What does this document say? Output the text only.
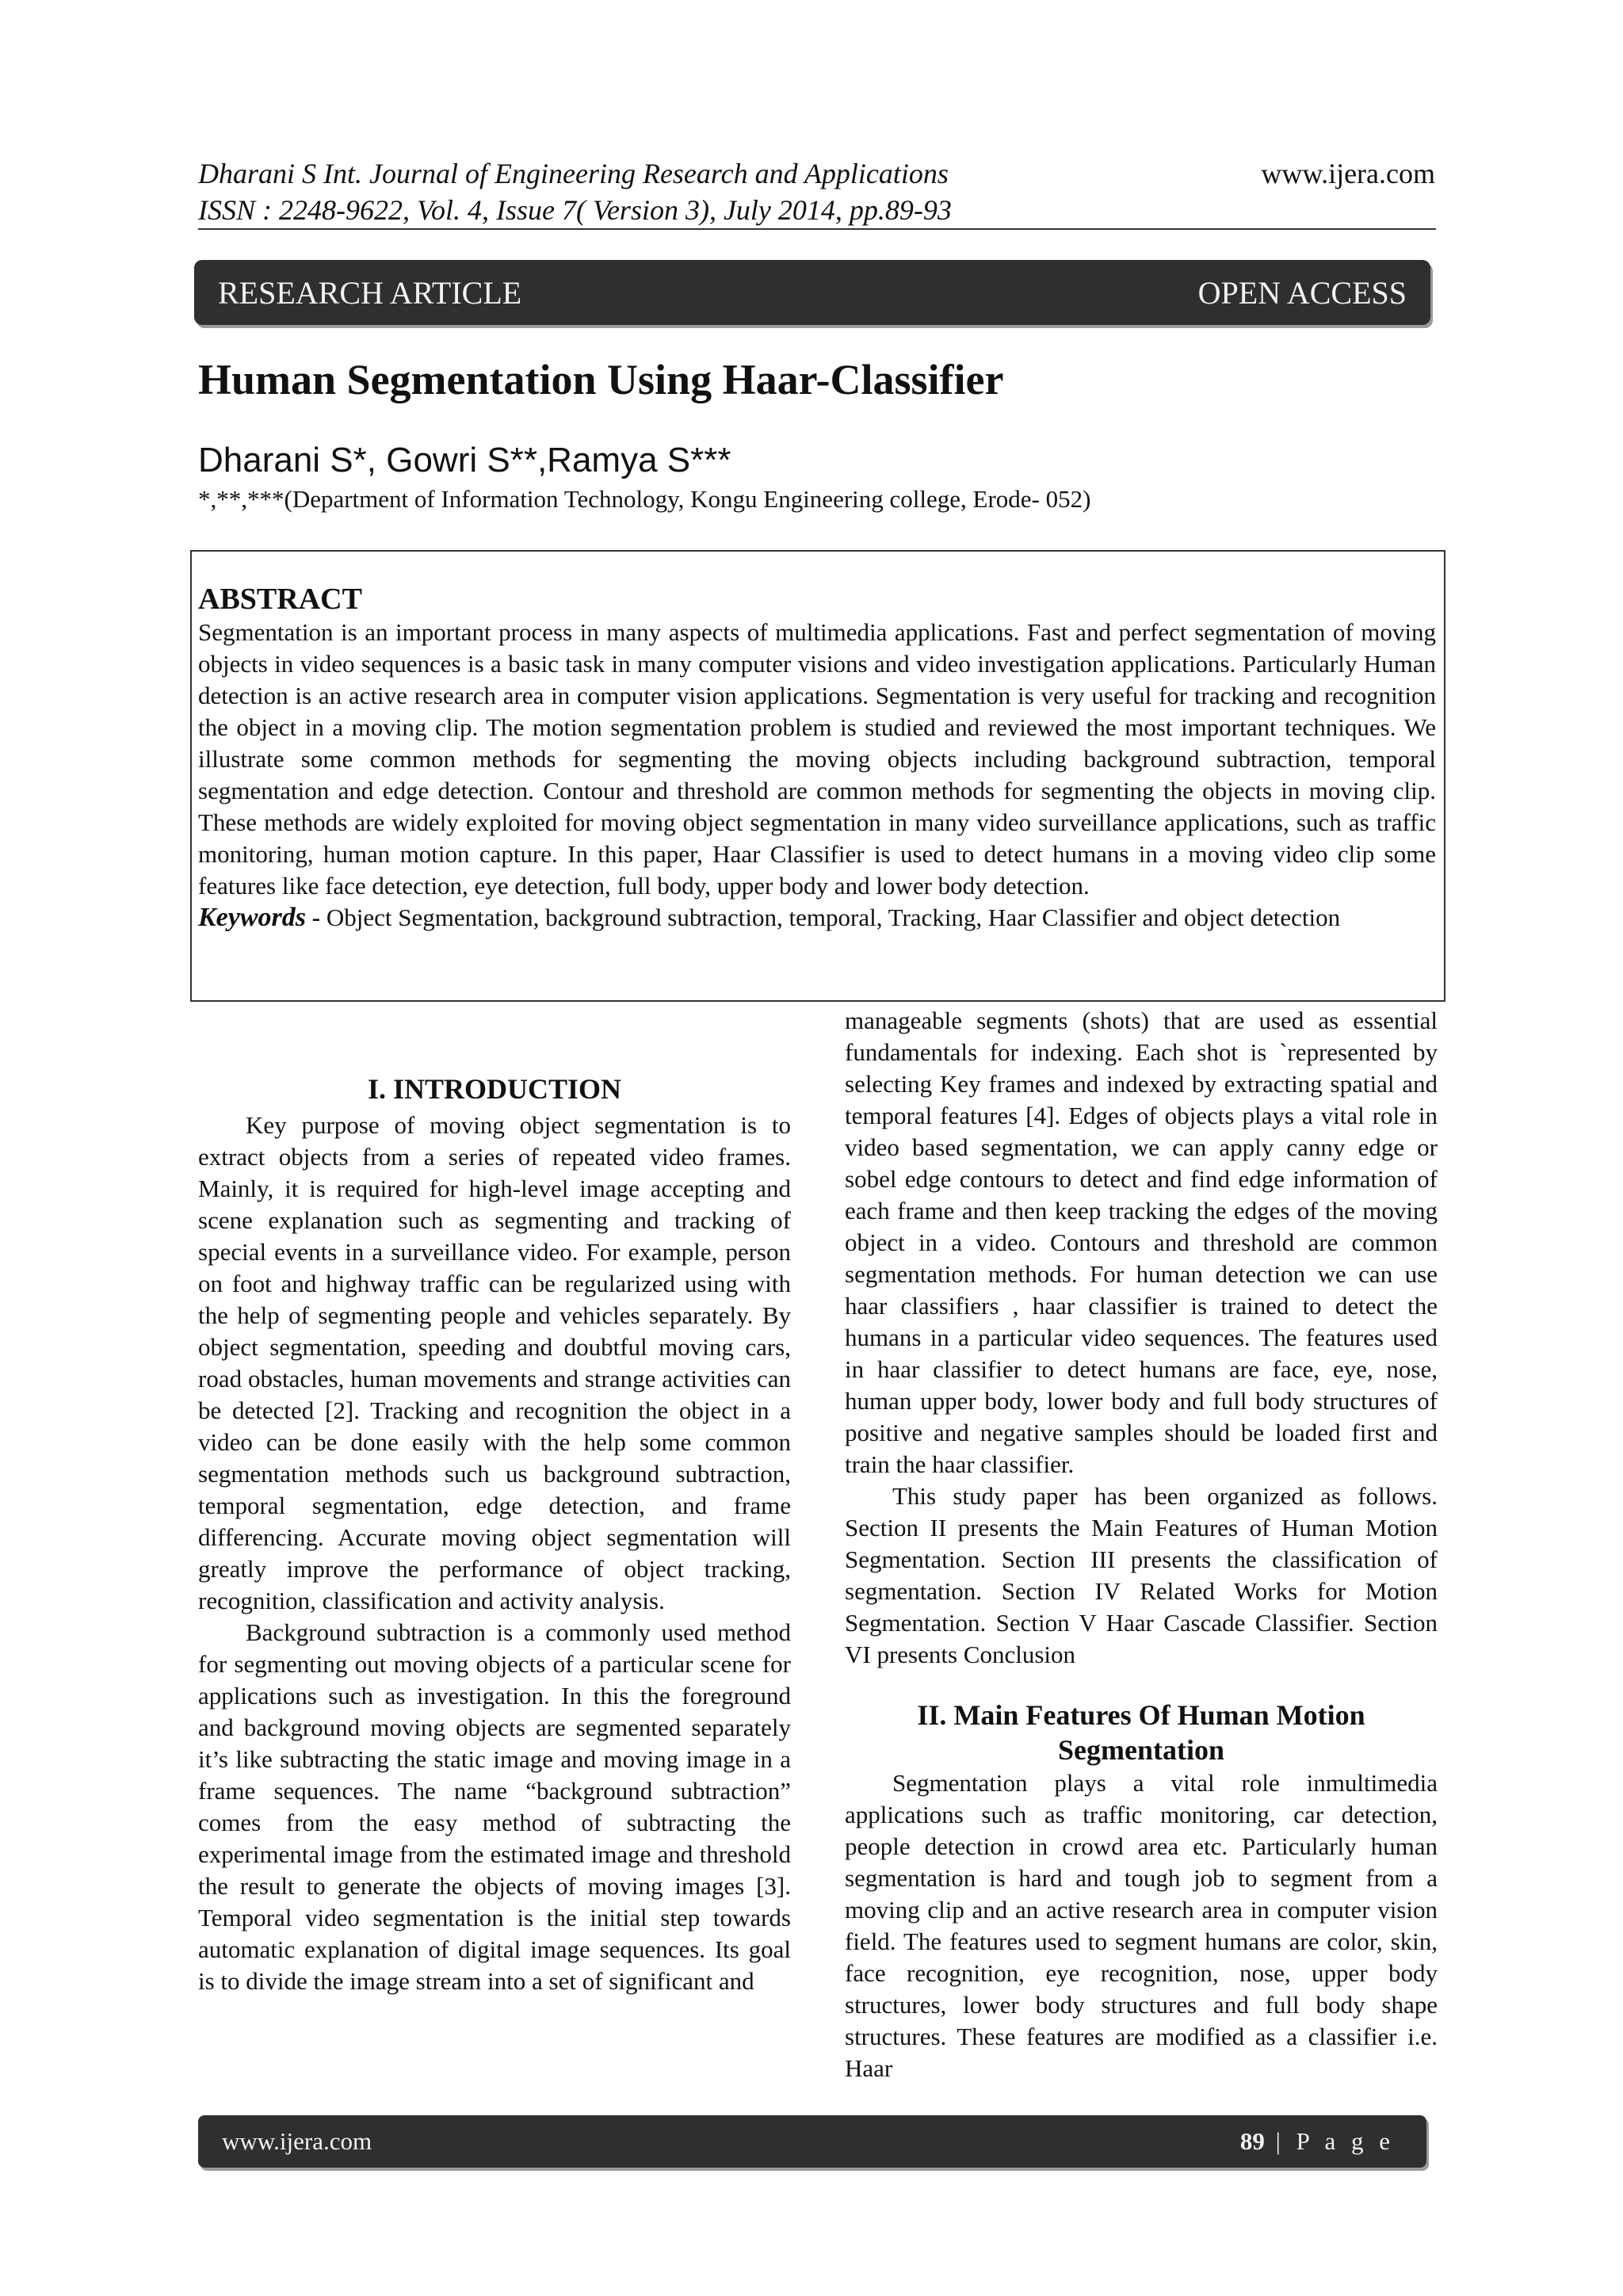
Dharani S Int. Journal of Engineering Research and Applications
ISSN : 2248-9622, Vol. 4, Issue 7( Version 3), July 2014, pp.89-93
www.ijera.com
RESEARCH ARTICLE	OPEN ACCESS
Human Segmentation Using Haar-Classifier
Dharani S*, Gowri S**,Ramya S***
*,**,***(Department of Information Technology, Kongu Engineering college, Erode- 052)
ABSTRACT
Segmentation is an important process in many aspects of multimedia applications. Fast and perfect segmentation of moving objects in video sequences is a basic task in many computer visions and video investigation applications. Particularly Human detection is an active research area in computer vision applications. Segmentation is very useful for tracking and recognition the object in a moving clip. The motion segmentation problem is studied and reviewed the most important techniques. We illustrate some common methods for segmenting the moving objects including background subtraction, temporal segmentation and edge detection. Contour and threshold are common methods for segmenting the objects in moving clip. These methods are widely exploited for moving object segmentation in many video surveillance applications, such as traffic monitoring, human motion capture. In this paper, Haar Classifier is used to detect humans in a moving video clip some features like face detection, eye detection, full body, upper body and lower body detection.
Keywords - Object Segmentation, background subtraction, temporal, Tracking, Haar Classifier and object detection
I. INTRODUCTION

Key purpose of moving object segmentation is to extract objects from a series of repeated video frames. Mainly, it is required for high-level image accepting and scene explanation such as segmenting and tracking of special events in a surveillance video. For example, person on foot and highway traffic can be regularized using with the help of segmenting people and vehicles separately. By object segmentation, speeding and doubtful moving cars, road obstacles, human movements and strange activities can be detected [2]. Tracking and recognition the object in a video can be done easily with the help some common segmentation methods such us background subtraction, temporal segmentation, edge detection, and frame differencing. Accurate moving object segmentation will greatly improve the performance of object tracking, recognition, classification and activity analysis.

Background subtraction is a commonly used method for segmenting out moving objects of a particular scene for applications such as investigation. In this the foreground and background moving objects are segmented separately it’s like subtracting the static image and moving image in a frame sequences. The name “background subtraction” comes from the easy method of subtracting the experimental image from the estimated image and threshold the result to generate the objects of moving images [3]. Temporal video segmentation is the initial step towards automatic explanation of digital image sequences. Its goal is to divide the image stream into a set of significant and

manageable segments (shots) that are used as essential fundamentals for indexing. Each shot is `represented by selecting Key frames and indexed by extracting spatial and temporal features [4]. Edges of objects plays a vital role in video based segmentation, we can apply canny edge or sobel edge contours to detect and find edge information of each frame and then keep tracking the edges of the moving object in a video. Contours and threshold are common segmentation methods. For human detection we can use haar classifiers , haar classifier is trained to detect the humans in a particular video sequences. The features used in haar classifier to detect humans are face, eye, nose, human upper body, lower body and full body structures of positive and negative samples should be loaded first and train the haar classifier.

This study paper has been organized as follows. Section II presents the Main Features of Human Motion Segmentation. Section III presents the classification of segmentation. Section IV Related Works for Motion Segmentation. Section V Haar Cascade Classifier. Section VI presents Conclusion

II. Main Features Of Human Motion Segmentation

Segmentation plays a vital role inmultimedia applications such as traffic monitoring, car detection, people detection in crowd area etc. Particularly human segmentation is hard and tough job to segment from a moving clip and an active research area in computer vision field. The features used to segment humans are color, skin, face recognition, eye recognition, nose, upper body structures, lower body structures and full body shape structures. These features are modified as a classifier i.e. Haar

www.ijera.com	89 | P a g e
